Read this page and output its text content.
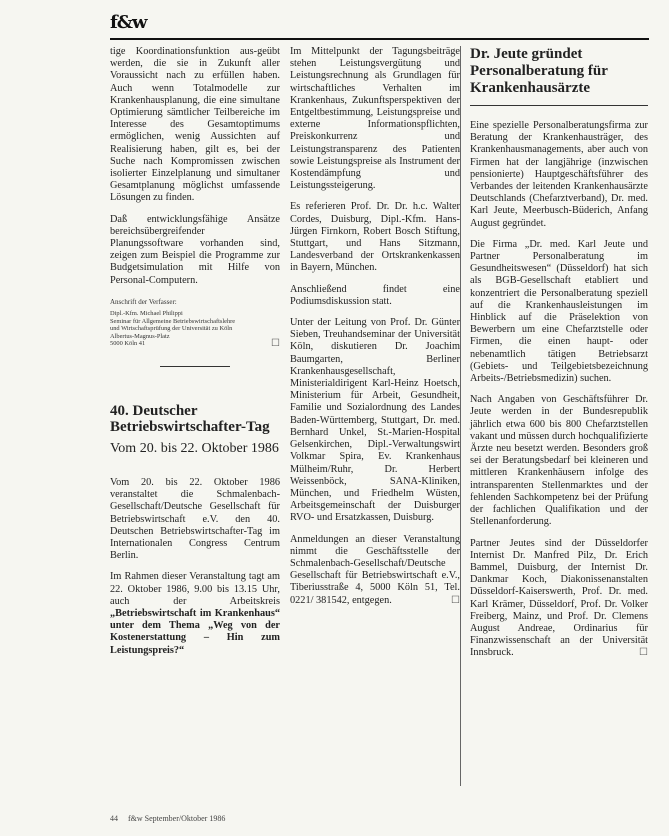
f&w

tige Koordinationsfunktion aus-geübt werden, die sie in Zukunft aller Voraussicht nach zu erfüllen haben. Auch wenn Totalmodelle zur Krankenhausplanung, die eine simultane Optimierung sämtlicher Teilbereiche im Interesse des Gesamtoptimums ermöglichen, wenig Aussichten auf Realisierung haben, gilt es, bei der Suche nach Kompromissen zwischen isolierter Einzelplanung und simultaner Gesamtplanung möglichst umfassende Lösungen zu finden.

Daß entwicklungsfähige Ansätze bereichsübergreifender Planungssoftware vorhanden sind, zeigen zum Beispiel die Programme zur Budgetsimulation mit Hilfe von Personal-Computern.

Anschrift der Verfasser:
Dipl.-Kfm. Michael Philippi
Seminar für Allgemeine Betriebswirtschaftslehre
und Wirtschaftsprüfung der Universität zu Köln
Albertus-Magnus-Platz
5000 Köln 41	☐
40. Deutscher Betriebswirtschafter-Tag
Vom 20. bis 22. Oktober 1986

Vom 20. bis 22. Oktober 1986 veranstaltet die Schmalenbach-Gesellschaft/Deutsche Gesellschaft für Betriebswirtschaft e.V. den 40. Deutschen Betriebswirtschafter-Tag im Internationalen Congress Centrum Berlin.

Im Rahmen dieser Veranstaltung tagt am 22. Oktober 1986, 9.00 bis 13.15 Uhr, auch der Arbeitskreis „Betriebswirtschaft im Krankenhaus“ unter dem Thema „Weg von der Kostenerstattung – Hin zum Leistungspreis?“

Im Mittelpunkt der Tagungsbeiträge stehen Leistungsvergütung und Leistungsrechnung als Grundlagen für wirtschaftliches Verhalten im Krankenhaus, Zukunftsperspektiven der Entgeltbestimmung, Leistungspreise und externe Informationspflichten, Preiskonkurrenz und Leistungstransparenz des Patienten sowie Leistungspreise als Instrument der Kostendämpfung und Leistungssteigerung.

Es referieren Prof. Dr. Dr. h.c. Walter Cordes, Duisburg, Dipl.-Kfm. Hans-Jürgen Firnkorn, Robert Bosch Stiftung, Stuttgart, und Hans Sitzmann, Landesverband der Ortskrankenkassen in Bayern, München.

Anschließend findet eine Podiumsdiskussion statt.

Unter der Leitung von Prof. Dr. Günter Sieben, Treuhandseminar der Universität Köln, diskutieren Dr. Joachim Baumgarten, Berliner Krankenhausgesellschaft, Ministerialdirigent Karl-Heinz Hoetsch, Ministerium für Arbeit, Gesundheit, Familie und Sozialordnung des Landes Baden-Württemberg, Stuttgart, Dr. med. Bernhard Unkel, St.-Marien-Hospital Gelsenkirchen, Dipl.-Verwaltungswirt Volkmar Spira, Ev. Krankenhaus Mülheim/Ruhr, Dr. Herbert Weissenböck, SANA-Kliniken, München, und Friedhelm Wüsten, Arbeitsgemeinschaft der Duisburger RVO- und Ersatzkassen, Duisburg.

Anmeldungen an dieser Veranstaltung nimmt die Geschäftsstelle der Schmalenbach-Gesellschaft/Deutsche Gesellschaft für Betriebswirtschaft e.V., Tiberiusstraße 4, 5000 Köln 51, Tel. 0221/ 381542, entgegen.	☐

Dr. Jeute gründet Personalberatung für Krankenhausärzte

Eine spezielle Personalberatungsfirma zur Beratung der Krankenhausträger, des Krankenhausmanagements, aber auch von Firmen hat der langjährige (inzwischen pensionierte) Hauptgeschäftsführer des Verbandes der leitenden Krankenhausärzte Deutschlands (Chefarztverband), Dr. med. Karl Jeute, Meerbusch-Büderich, Anfang August gegründet.

Die Firma „Dr. med. Karl Jeute und Partner Personalberatung im Gesundheitswesen“ (Düsseldorf) hat sich als BGB-Gesellschaft etabliert und konzentriert die Personalberatung speziell auf die Krankenhausleistungen im Hinblick auf die Präselektion von Bewerbern um eine Chefarztstelle oder Firmen, die einen haupt- oder nebenamtlich tätigen Betriebsarzt (Gebiets- und Teilgebietsbezeichnung Arbeits-/Betriebsmedizin) suchen.

Nach Angaben von Geschäftsführer Dr. Jeute werden in der Bundesrepublik jährlich etwa 600 bis 800 Chefarztstellen vakant und müssen durch hochqualifizierte Ärzte neu besetzt werden. Besonders groß sei der Beratungsbedarf bei kleineren und mittleren Krankenhäusern infolge des intransparenten Stellenmarktes und der fehlenden Sachkompetenz bei der Prüfung der fachlichen Qualifikation und der Stellenanforderung.

Partner Jeutes sind der Düsseldorfer Internist Dr. Manfred Pilz, Dr. Erich Bammel, Duisburg, der Internist Dr. Dankmar Koch, Diakonissenanstalten Düsseldorf-Kaiserswerth, Prof. Dr. med. Karl Krämer, Düsseldorf, Prof. Dr. Volker Freiberg, Mainz, und Prof. Dr. Clemens August Andreae, Ordinarius für Finanzwissenschaft an der Universität Innsbruck.	☐

44 f&w September/Oktober 1986
